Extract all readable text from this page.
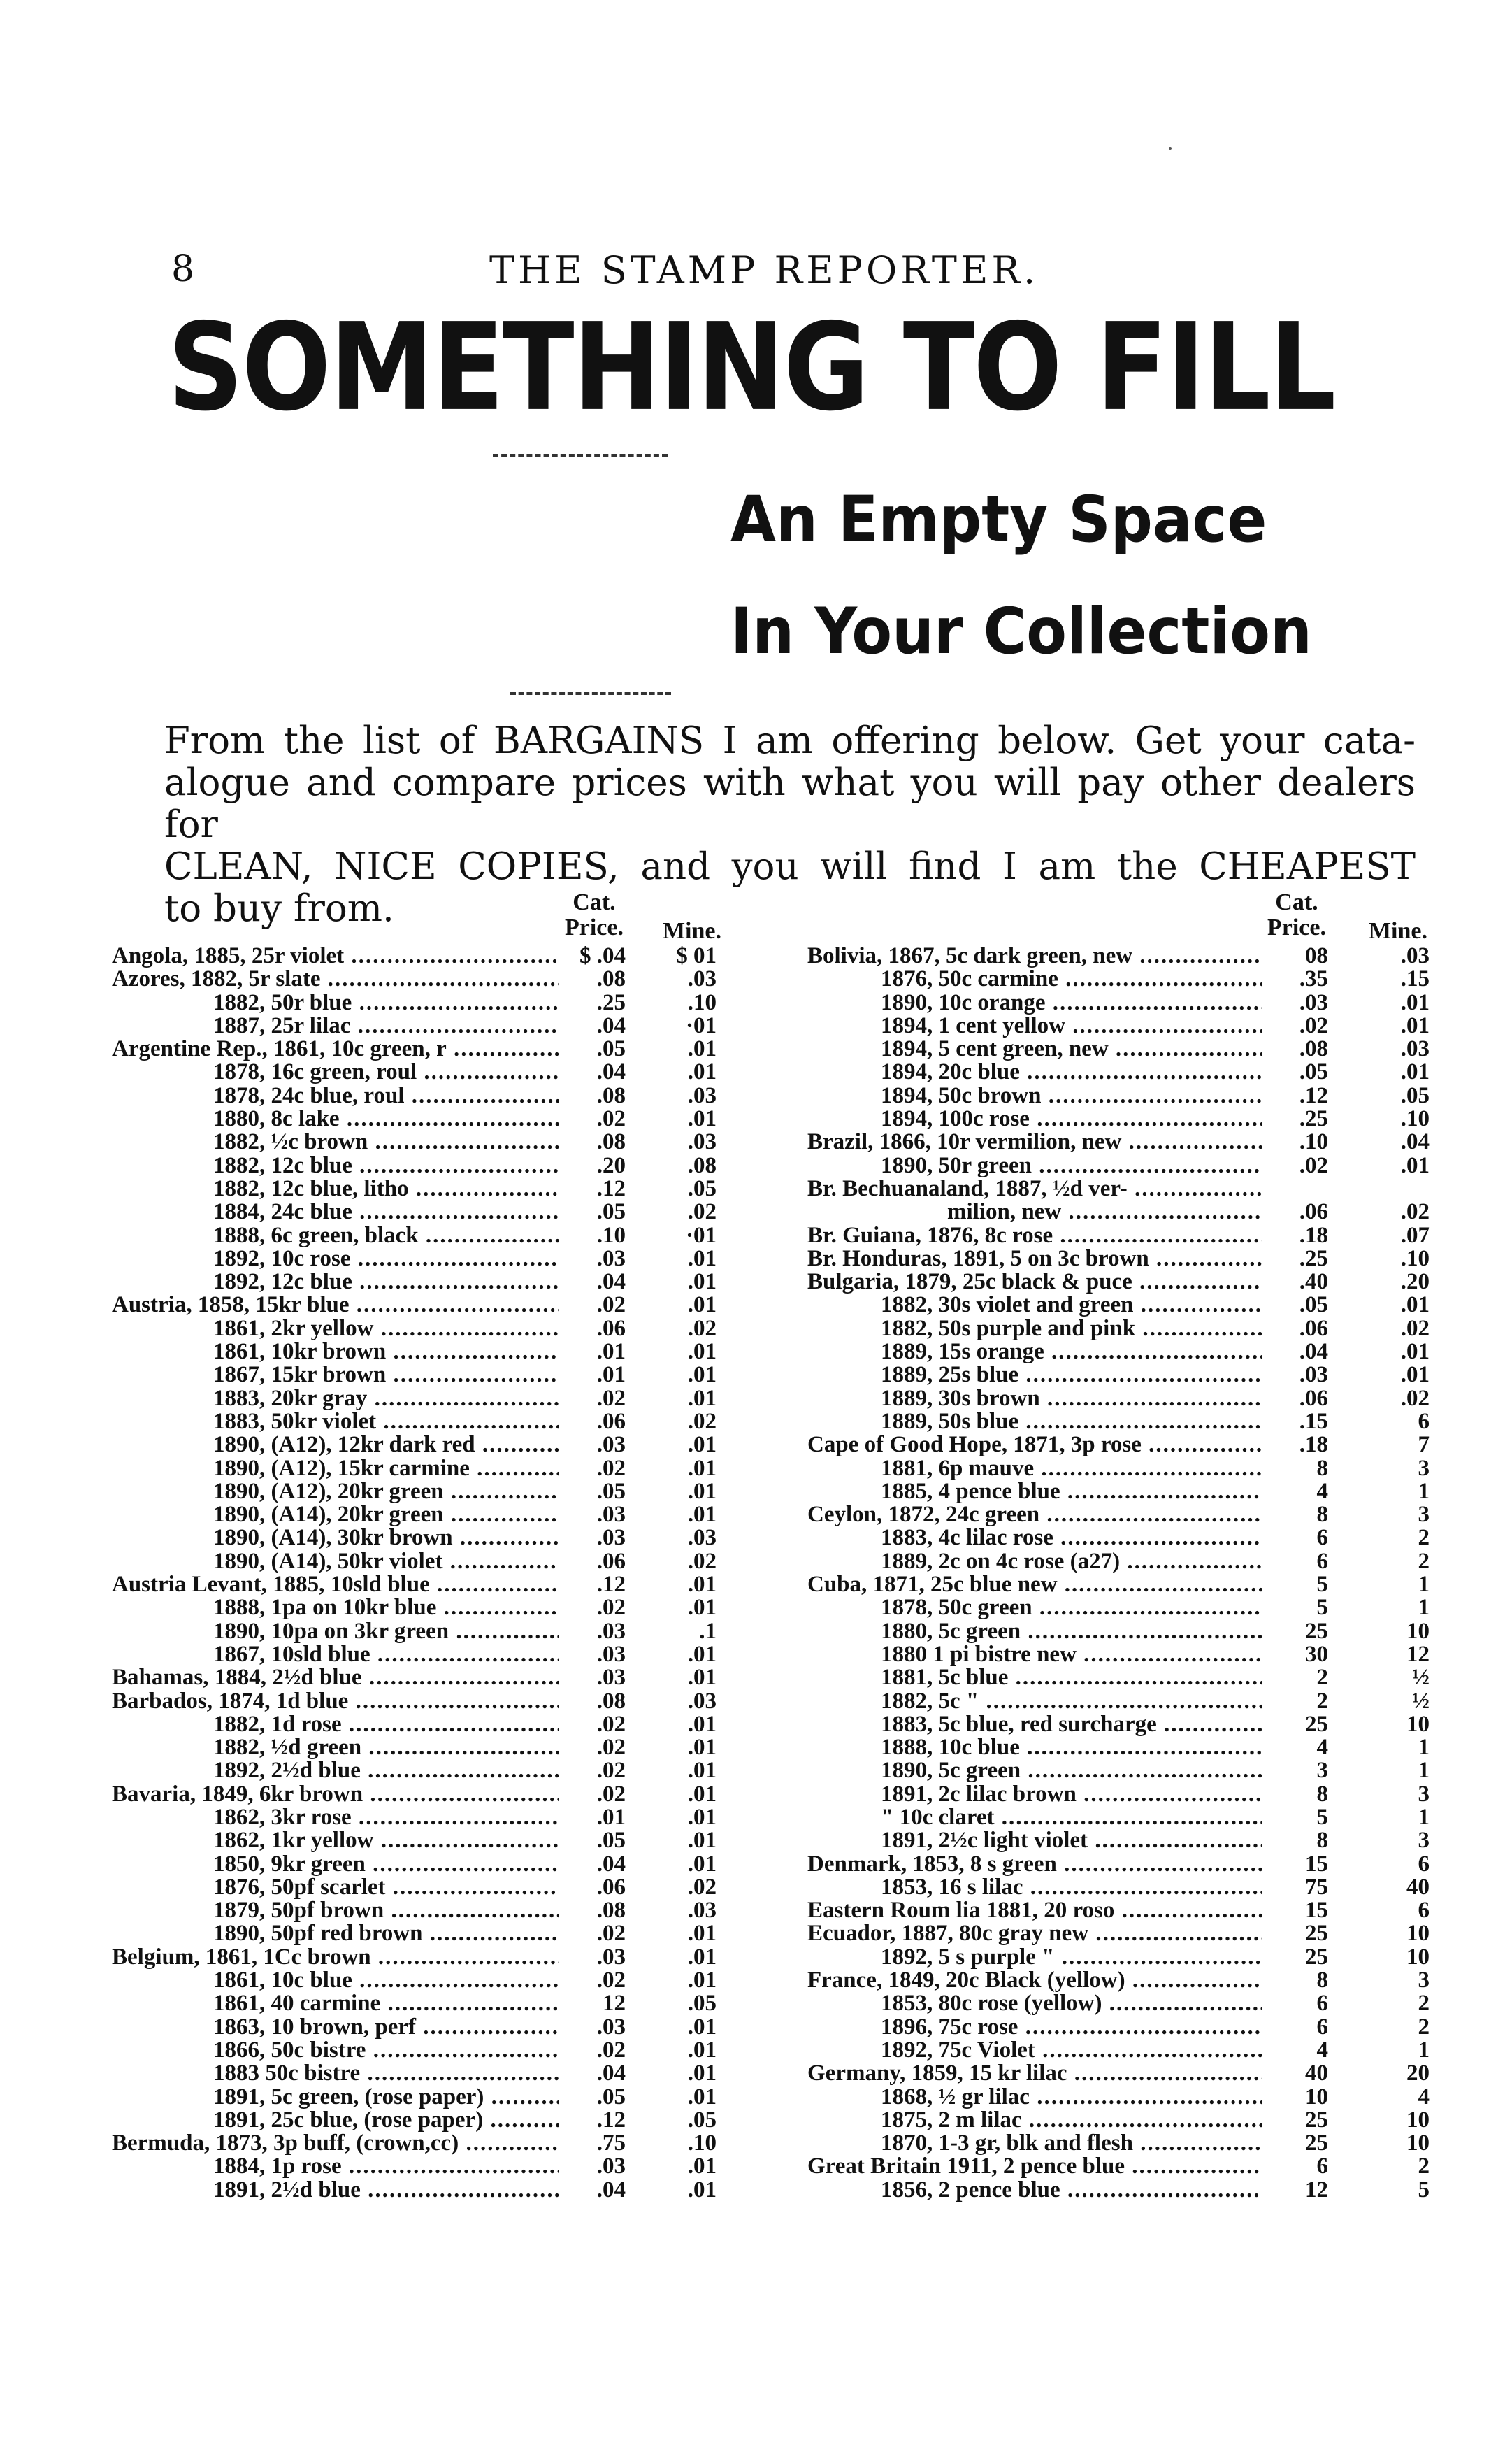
8	THE STAMP REPORTER.
SOMETHING TO FILL
An Empty Space
In Your Collection
From the list of BARGAINS I am offering below. Get your cata-
alogue and compare prices with what you will pay other dealers for
CLEAN, NICE COPIES, and you will find I am the CHEAPEST
to buy from.	Cat. Price.	Mine.
Angola, 1885, 25r violet .....	$ .04	$ 01
Azores, 1882, 5r slate .....	.08	.03
1882, 50r blue .....	.25	.10
1887, 25r lilac .....	.04	·01
Argentine Rep., 1861, 10c green, r .....	.05	.01
1878, 16c green, roul .....	.04	.01
1878, 24c blue, roul .....	.08	.03
1880, 8c lake .....	.02	.01
1882, ½c brown .....	.08	.03
1882, 12c blue .....	.20	.08
1882, 12c blue, litho .....	.12	.05
1884, 24c blue .....	.05	.02
1888, 6c green, black .....	.10	·01
1892, 10c rose .....	.03	.01
1892, 12c blue .....	.04	.01
Austria, 1858, 15kr blue .....	.02	.01
1861, 2kr yellow .....	.06	.02
1861, 10kr brown .....	.01	.01
1867, 15kr brown .....	.01	.01
1883, 20kr gray .....	.02	.01
1883, 50kr violet .....	.06	.02
1890, (A12), 12kr dark red .....	.03	.01
1890, (A12), 15kr carmine .....	.02	.01
1890, (A12), 20kr green .....	.05	.01
1890, (A14), 20kr green .....	.03	.01
1890, (A14), 30kr brown .....	.03	.03
1890, (A14), 50kr violet .....	.06	.02
Austria Levant, 1885, 10sld blue .....	.12	.01
1888, 1pa on 10kr blue .....	.02	.01
1890, 10pa on 3kr green .....	.03	.1
1867, 10sld blue .....	.03	.01
Bahamas, 1884, 2½d blue .....	.03	.01
Barbados, 1874, 1d blue .....	.08	.03
1882, 1d rose .....	.02	.01
1882, ½d green .....	.02	.01
1892, 2½d blue .....	.02	.01
Bavaria, 1849, 6kr brown .....	.02	.01
1862, 3kr rose .....	.01	.01
1862, 1kr yellow .....	.05	.01
1850, 9kr green .....	.04	.01
1876, 50pf scarlet .....	.06	.02
1879, 50pf brown .....	.08	.03
1890, 50pf red brown .....	.02	.01
Belgium, 1861, 1Cc brown .....	.03	.01
1861, 10c blue .....	.02	.01
1861, 40 carmine .....	12	.05
1863, 10 brown, perf .....	.03	.01
1866, 50c bistre .....	.02	.01
1883 50c bistre .....	.04	.01
1891, 5c green, (rose paper) .....	.05	.01
1891, 25c blue, (rose paper) .....	.12	.05
Bermuda, 1873, 3p buff, (crown,cc) .....	.75	.10
1884, 1p rose .....	.03	.01
1891, 2½d blue .....	.04	.01
Cat. Price.	Mine.
Bolivia, 1867, 5c dark green, new .....	08	.03
1876, 50c carmine .....	.35	.15
1890, 10c orange .....	.03	.01
1894, 1 cent yellow .....	.02	.01
1894, 5 cent green, new .....	.08	.03
1894, 20c blue .....	.05	.01
1894, 50c brown .....	.12	.05
1894, 100c rose .....	.25	.10
Brazil, 1866, 10r vermilion, new .....	.10	.04
1890, 50r green .....	.02	.01
Br. Bechuanaland, 1887, ½d ver- .....
milion, new .....	.06	.02
Br. Guiana, 1876, 8c rose .....	.18	.07
Br. Honduras, 1891, 5 on 3c brown .....	.25	.10
Bulgaria, 1879, 25c black & puce .....	.40	.20
1882, 30s violet and green .....	.05	.01
1882, 50s purple and pink .....	.06	.02
1889, 15s orange .....	.04	.01
1889, 25s blue .....	.03	.01
1889, 30s brown .....	.06	.02
1889, 50s blue .....	.15	6
Cape of Good Hope, 1871, 3p rose .....	.18	7
1881, 6p mauve .....	8	3
1885, 4 pence blue .....	4	1
Ceylon, 1872, 24c green .....	8	3
1883, 4c lilac rose .....	6	2
1889, 2c on 4c rose (a27) .....	6	2
Cuba, 1871, 25c blue new .....	5	1
1878, 50c green .....	5	1
1880, 5c green .....	25	10
1880 1 pi bistre new .....	30	12
1881, 5c blue .....	2	½
1882, 5c " .....	2	½
1883, 5c blue, red surcharge .....	25	10
1888, 10c blue .....	4	1
1890, 5c green .....	3	1
1891, 2c lilac brown .....	8	3
" 10c claret .....	5	1
1891, 2½c light violet .....	8	3
Denmark, 1853, 8 s green .....	15	6
1853, 16 s lilac .....	75	40
Eastern Roum lia 1881, 20 roso .....	15	6
Ecuador, 1887, 80c gray new .....	25	10
1892, 5 s purple " .....	25	10
France, 1849, 20c Black (yellow) .....	8	3
1853, 80c rose (yellow) .....	6	2
1896, 75c rose .....	6	2
1892, 75c Violet .....	4	1
Germany, 1859, 15 kr lilac .....	40	20
1868, ½ gr lilac .....	10	4
1875, 2 m lilac .....	25	10
1870, 1-3 gr, blk and flesh .....	25	10
Great Britain 1911, 2 pence blue .....	6	2
1856, 2 pence blue .....	12	5
